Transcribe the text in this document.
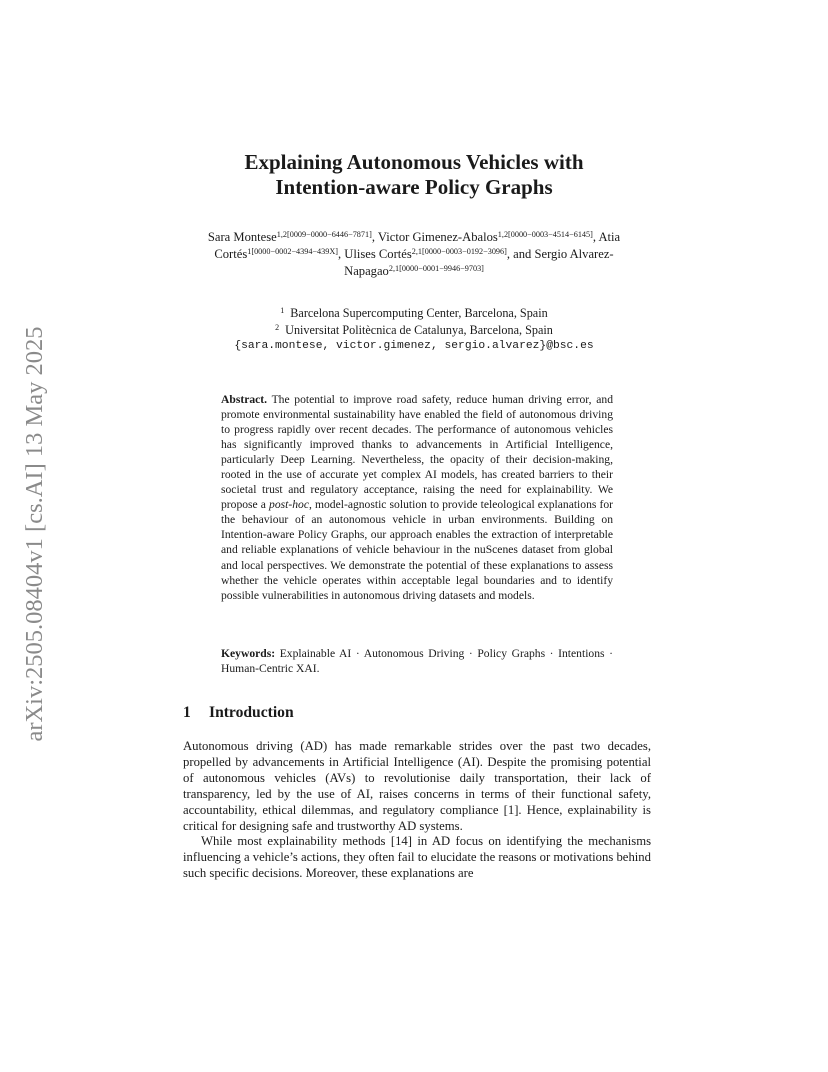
arXiv:2505.08404v1 [cs.AI] 13 May 2025
Explaining Autonomous Vehicles with
Intention-aware Policy Graphs
Sara Montese$^{1,2[0009-0000-6446-7871]}$, Victor Gimenez-Abalos$^{1,2[0000-0003-4514-6145]}$, Atia Cortés$^{1[0000-0002-4394-439X]}$, Ulises Cortés$^{2,1[0000-0003-0192-3096]}$, and Sergio Alvarez-Napagao$^{2,1[0000-0001-9946-9703]}$
$^1$ Barcelona Supercomputing Center, Barcelona, Spain
$^2$ Universitat Politècnica de Catalunya, Barcelona, Spain
{sara.montese, victor.gimenez, sergio.alvarez}@bsc.es
Abstract. The potential to improve road safety, reduce human driving error, and promote environmental sustainability have enabled the field of autonomous driving to progress rapidly over recent decades. The performance of autonomous vehicles has significantly improved thanks to advancements in Artificial Intelligence, particularly Deep Learning. Nevertheless, the opacity of their decision-making, rooted in the use of accurate yet complex AI models, has created barriers to their societal trust and regulatory acceptance, raising the need for explainability. We propose a post-hoc, model-agnostic solution to provide teleological explanations for the behaviour of an autonomous vehicle in urban environments. Building on Intention-aware Policy Graphs, our approach enables the extraction of interpretable and reliable explanations of vehicle behaviour in the nuScenes dataset from global and local perspectives. We demonstrate the potential of these explanations to assess whether the vehicle operates within acceptable legal boundaries and to identify possible vulnerabilities in autonomous driving datasets and models.
Keywords: Explainable AI · Autonomous Driving · Policy Graphs · Intentions · Human-Centric XAI.
1 Introduction

Autonomous driving (AD) has made remarkable strides over the past two decades, propelled by advancements in Artificial Intelligence (AI). Despite the promising potential of autonomous vehicles (AVs) to revolutionise daily transportation, their lack of transparency, led by the use of AI, raises concerns in terms of their functional safety, accountability, ethical dilemmas, and regulatory compliance [1]. Hence, explainability is critical for designing safe and trustworthy AD systems.

While most explainability methods [14] in AD focus on identifying the mechanisms influencing a vehicle’s actions, they often fail to elucidate the reasons or motivations behind such specific decisions. Moreover, these explanations are
